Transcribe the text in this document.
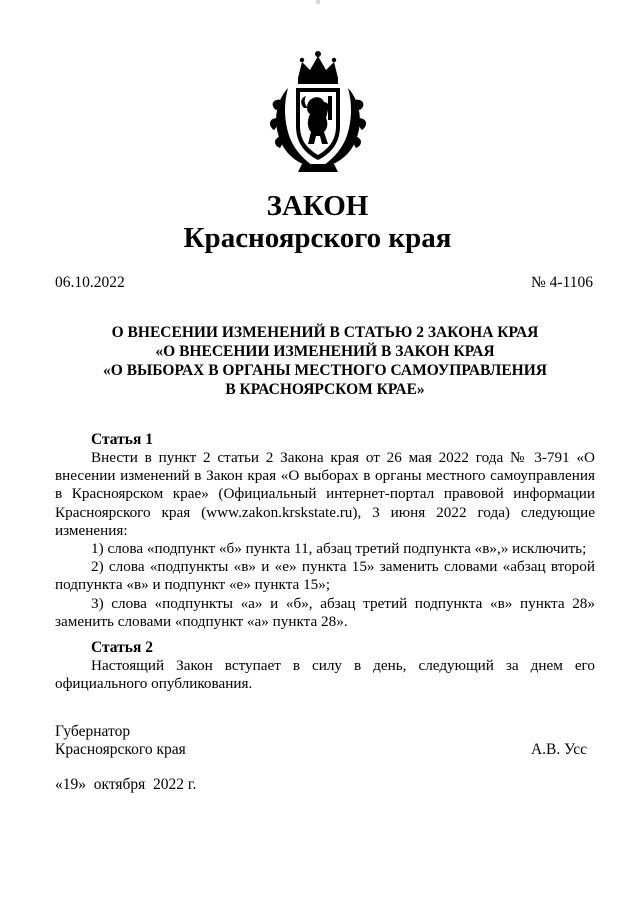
ЗАКОН
Красноярского края
06.10.2022	№ 4-1106
О ВНЕСЕНИИ ИЗМЕНЕНИЙ В СТАТЬЮ 2 ЗАКОНА КРАЯ
«О ВНЕСЕНИИ ИЗМЕНЕНИЙ В ЗАКОН КРАЯ
«О ВЫБОРАХ В ОРГАНЫ МЕСТНОГО САМОУПРАВЛЕНИЯ
В КРАСНОЯРСКОМ КРАЕ»
Статья 1

Внести в пункт 2 статьи 2 Закона края от 26 мая 2022 года № 3-791 «О внесении изменений в Закон края «О выборах в органы местного самоуправления в Красноярском крае» (Официальный интернет-портал правовой информации Красноярского края (www.zakon.krskstate.ru), 3 июня 2022 года) следующие изменения:

1) слова «подпункт «б» пункта 11, абзац третий подпункта «в»,» исключить;

2) слова «подпункты «в» и «е» пункта 15» заменить словами «абзац второй подпункта «в» и подпункт «е» пункта 15»;

3) слова «подпункты «а» и «б», абзац третий подпункта «в» пункта 28» заменить словами «подпункт «а» пункта 28».

Статья 2

Настоящий Закон вступает в силу в день, следующий за днем его официального опубликования.

Губернатор
Красноярского края	А.В. Усс
«19»  октября  2022 г.
